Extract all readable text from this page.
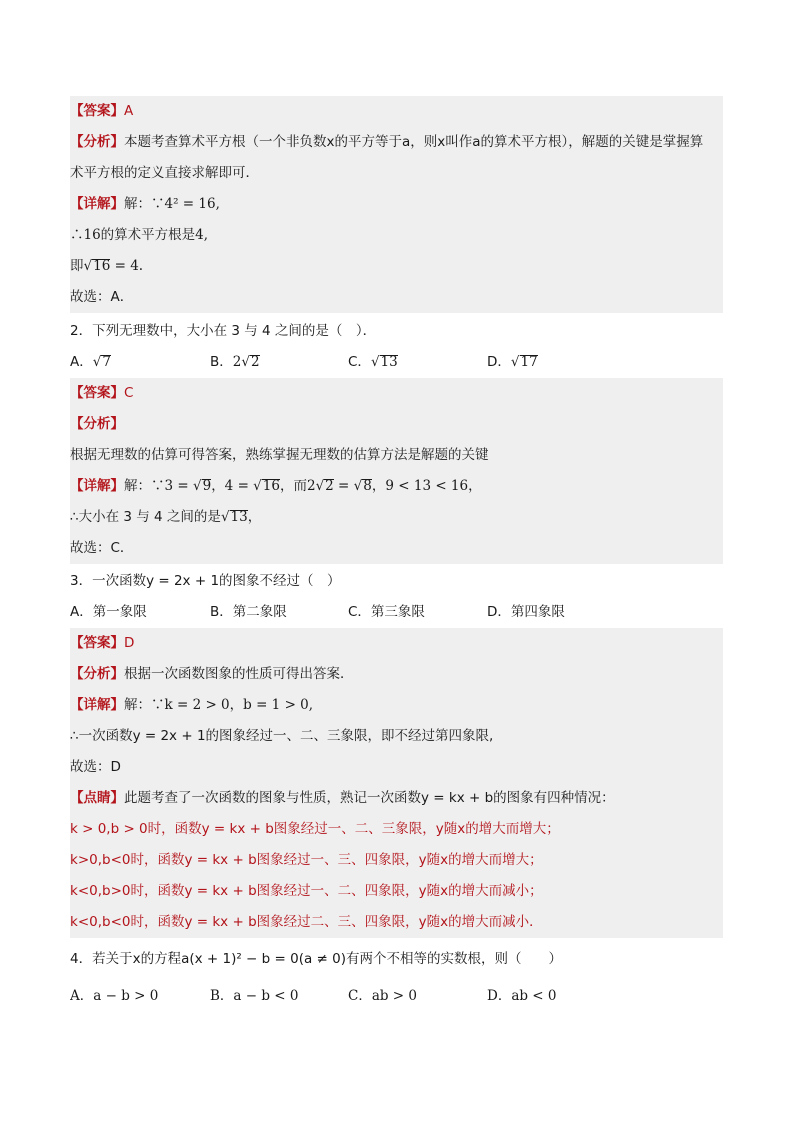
【答案】A
【分析】本题考查算术平方根（一个非负数x的平方等于a，则x叫作a的算术平方根），解题的关键是掌握算
术平方根的定义直接求解即可．
【详解】解：∵4² = 16,
∴16的算术平方根是4,
即√16 = 4.
故选：A．
2．下列无理数中，大小在 3 与 4 之间的是（　）．
A．√7	B．2√2	C．√13	D．√17
【答案】C
【分析】
根据无理数的估算可得答案，熟练掌握无理数的估算方法是解题的关键
【详解】解：∵3 = √9，4 = √16，而2√2 = √8，9 < 13 < 16，
∴大小在 3 与 4 之间的是√13，
故选：C．
3．一次函数y = 2x + 1的图象不经过（　）
A．第一象限	B．第二象限	C．第三象限	D．第四象限
【答案】D
【分析】根据一次函数图象的性质可得出答案．
【详解】解：∵k = 2 > 0，b = 1 > 0,
∴一次函数y = 2x + 1的图象经过一、二、三象限，即不经过第四象限,
故选：D
【点睛】此题考查了一次函数的图象与性质，熟记一次函数y = kx + b的图象有四种情况：
k > 0,b > 0时，函数y = kx + b图象经过一、二、三象限，y随x的增大而增大；
k>0,b<0时，函数y = kx + b图象经过一、三、四象限，y随x的增大而增大；
k<0,b>0时，函数y = kx + b图象经过一、二、四象限，y随x的增大而减小；
k<0,b<0时，函数y = kx + b图象经过二、三、四象限，y随x的增大而减小．
4．若关于x的方程a(x + 1)² − b = 0(a ≠ 0)有两个不相等的实数根，则（　　）
A．a − b > 0	B．a − b < 0	C．ab > 0	D．ab < 0
